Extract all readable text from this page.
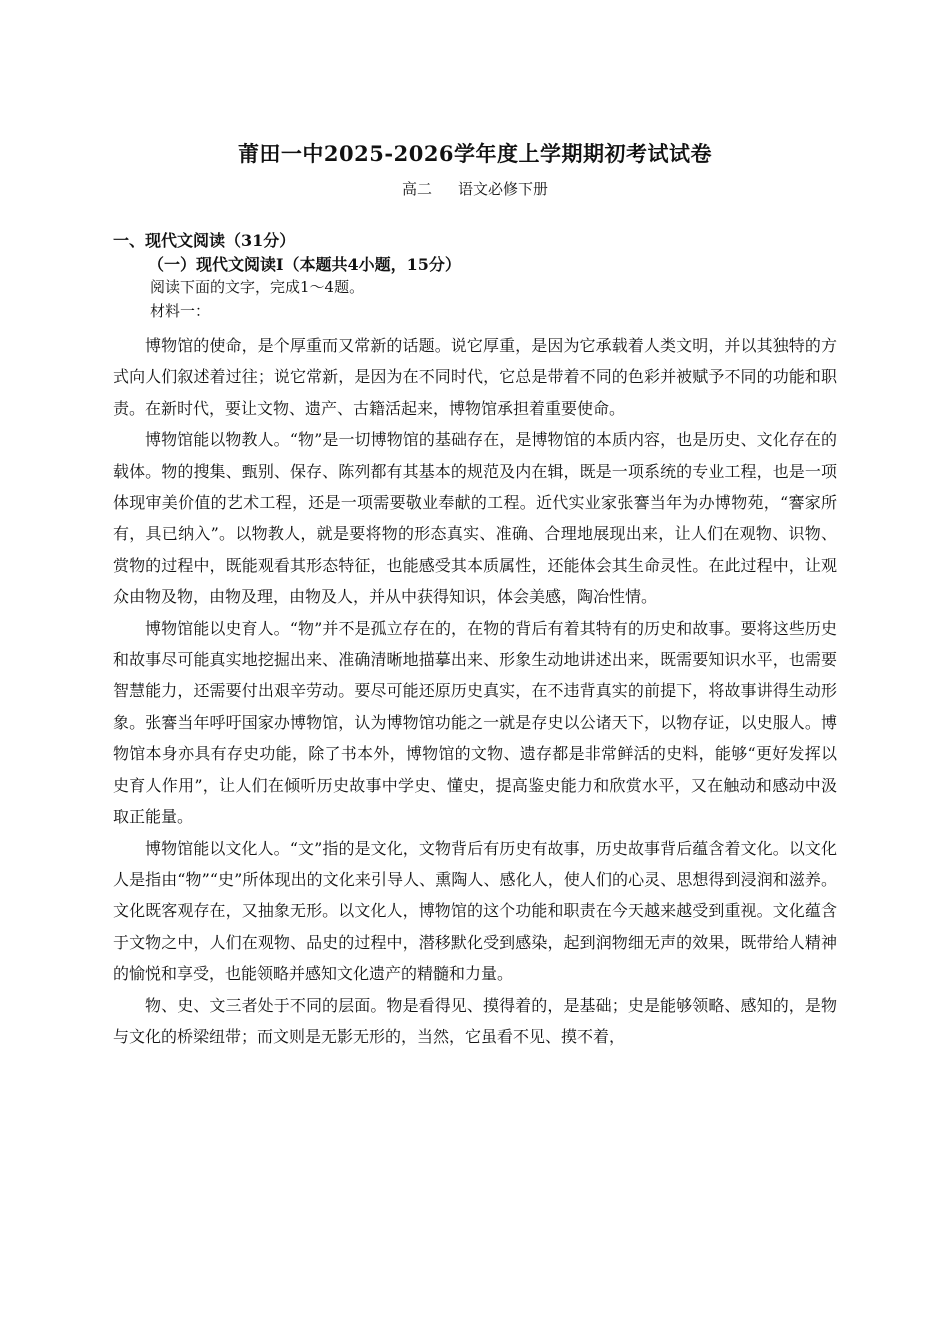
莆田一中2025-2026学年度上学期期初考试试卷
高二 语文必修下册
一、现代文阅读（31分）
（一）现代文阅读Ⅰ（本题共4小题，15分）
阅读下面的文字，完成1～4题。
材料一：

博物馆的使命，是个厚重而又常新的话题。说它厚重，是因为它承载着人类文明，并以其独特的方式向人们叙述着过往；说它常新，是因为在不同时代，它总是带着不同的色彩并被赋予不同的功能和职责。在新时代，要让文物、遗产、古籍活起来，博物馆承担着重要使命。

博物馆能以物教人。“物”是一切博物馆的基础存在，是博物馆的本质内容，也是历史、文化存在的载体。物的搜集、甄别、保存、陈列都有其基本的规范及内在辑，既是一项系统的专业工程，也是一项体现审美价值的艺术工程，还是一项需要敬业奉献的工程。近代实业家张謇当年为办博物苑，“謇家所有，具已纳入”。以物教人，就是要将物的形态真实、准确、合理地展现出来，让人们在观物、识物、赏物的过程中，既能观看其形态特征，也能感受其本质属性，还能体会其生命灵性。在此过程中，让观众由物及物，由物及理，由物及人，并从中获得知识，体会美感，陶冶性情。

博物馆能以史育人。“物”并不是孤立存在的，在物的背后有着其特有的历史和故事。要将这些历史和故事尽可能真实地挖掘出来、准确清晰地描摹出来、形象生动地讲述出来，既需要知识水平，也需要智慧能力，还需要付出艰辛劳动。要尽可能还原历史真实，在不违背真实的前提下，将故事讲得生动形象。张謇当年呼吁国家办博物馆，认为博物馆功能之一就是存史以公诸天下，以物存证，以史服人。博物馆本身亦具有存史功能，除了书本外，博物馆的文物、遗存都是非常鲜活的史料，能够“更好发挥以史育人作用”，让人们在倾听历史故事中学史、懂史，提高鉴史能力和欣赏水平，又在触动和感动中汲取正能量。

博物馆能以文化人。“文”指的是文化，文物背后有历史有故事，历史故事背后蕴含着文化。以文化人是指由“物”“史”所体现出的文化来引导人、熏陶人、感化人，使人们的心灵、思想得到浸润和滋养。文化既客观存在，又抽象无形。以文化人，博物馆的这个功能和职责在今天越来越受到重视。文化蕴含于文物之中，人们在观物、品史的过程中，潜移默化受到感染，起到润物细无声的效果，既带给人精神的愉悦和享受，也能领略并感知文化遗产的精髓和力量。

物、史、文三者处于不同的层面。物是看得见、摸得着的，是基础；史是能够领略、感知的，是物与文化的桥梁纽带；而文则是无影无形的，当然，它虽看不见、摸不着，
